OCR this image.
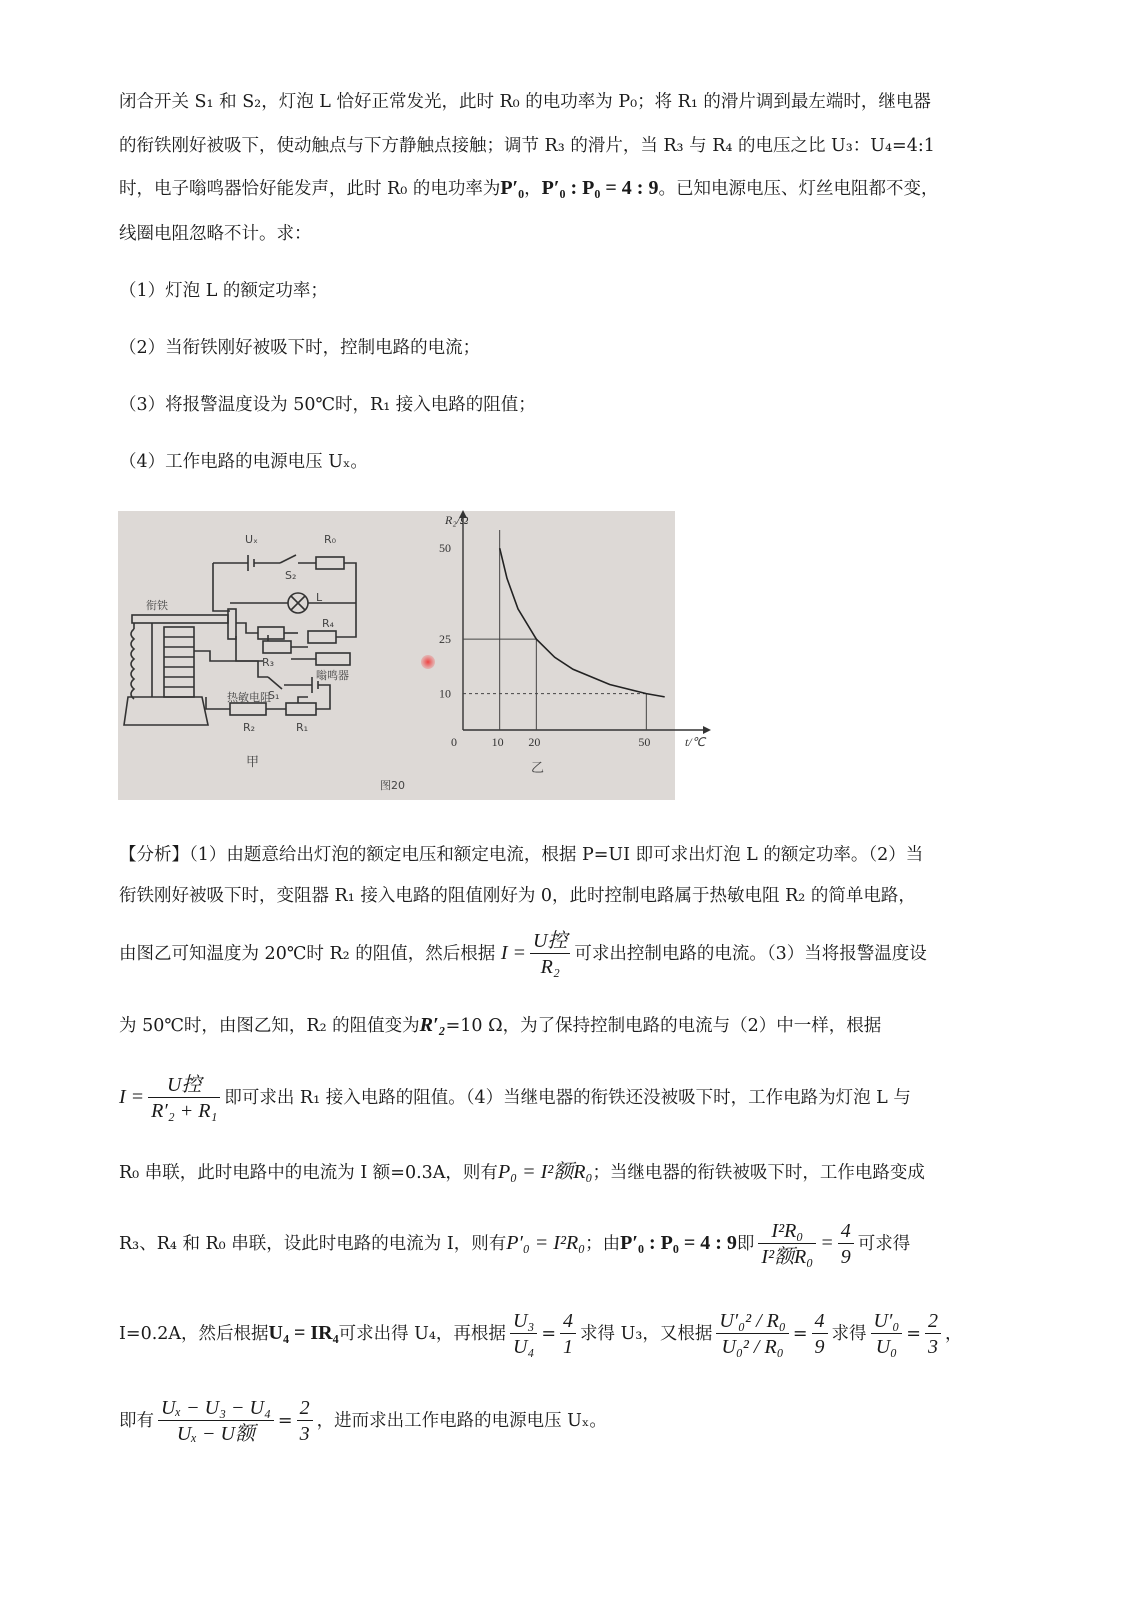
闭合开关 S₁ 和 S₂，灯泡 L 恰好正常发光，此时 R₀ 的电功率为 P₀；将 R₁ 的滑片调到最左端时，继电器
的衔铁刚好被吸下，使动触点与下方静触点接触；调节 R₃ 的滑片，当 R₃ 与 R₄ 的电压之比 U₃：U₄=4:1
时，电子嗡鸣器恰好能发声，此时 R₀ 的电功率为P′₀，P′₀ : P₀ = 4 : 9。已知电源电压、灯丝电阻都不变，
线圈电阻忽略不计。求：
（1）灯泡 L 的额定功率；
（2）当衔铁刚好被吸下时，控制电路的电流；
（3）将报警温度设为 50℃时，R₁ 接入电路的阻值；
（4）工作电路的电源电压 Uₓ。
0	10 20	50
10
25
50
t/℃
R₂/Ω
Uₓ	R₀
S₂
L
衔铁
R₄
R₃
嗡鸣器
S₁
热敏电阻
R₂	R₁
甲	乙
图20
【分析】（1）由题意给出灯泡的额定电压和额定电流，根据 P=UI 即可求出灯泡 L 的额定功率。（2）当
衔铁刚好被吸下时，变阻器 R₁ 接入电路的阻值刚好为 0，此时控制电路属于热敏电阻 R₂ 的简单电路，
由图乙可知温度为 20℃时 R₂ 的阻值，然后根据 $I = \frac{\text{U控}}{\text{R₂}}$ 可求出控制电路的电流。（3）当将报警温度设
为 50℃时，由图乙知，R₂ 的阻值变为R′₂=10 Ω，为了保持控制电路的电流与（2）中一样，根据
$I = \frac{\text{U控}}{\text{R′₂ + R₁}}$ 即可求出 R₁ 接入电路的阻值。（4）当继电器的衔铁还没被吸下时，工作电路为灯泡 L 与
R₀ 串联，此时电路中的电流为 I 额=0.3A，则有P₀ = I²额R₀；当继电器的衔铁被吸下时，工作电路变成
R₃、R₄ 和 R₀ 串联，设此时电路的电流为 I，则有P′₀ = I²R₀；由P′₀ : P₀ = 4 : 9即 $\frac{\text{I²R₀}}{\text{I²额R₀}} = \frac{4}{9}$ 可求得
I=0.2A，然后根据U₄ = IR₄可求出得 U₄，再根据 $\frac{\text{U₃}}{\text{U₄}} = \frac{4}{1}$ 求得 U₃，又根据 $\frac{\text{U′₀² / R₀}}{\text{U₀² / R₀}} = \frac{4}{9}$ 求得 $\frac{\text{U′₀}}{\text{U₀}} = \frac{2}{3}$ ，
即有 $\frac{\text{Uₓ − U₃ − U₄}}{\text{Uₓ − U额}} = \frac{2}{3}$ ，进而求出工作电路的电源电压 Uₓ。
